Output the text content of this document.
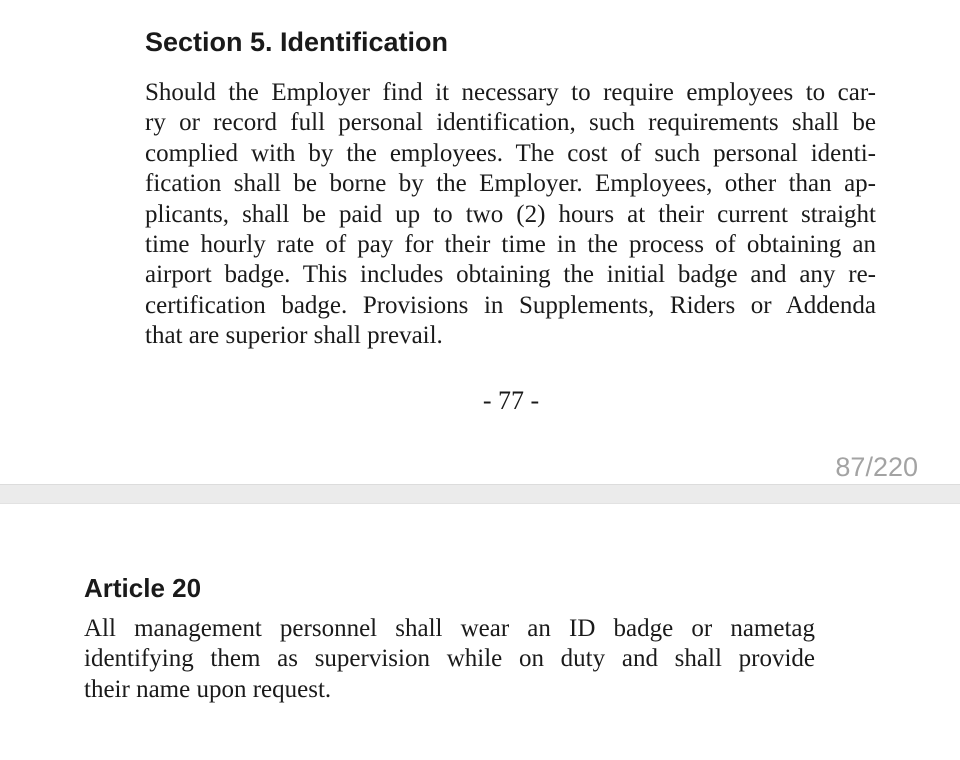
Section 5. Identification
Should the Employer find it necessary to require employees to car-
ry or record full personal identification, such requirements shall be
complied with by the employees. The cost of such personal identi-
fication shall be borne by the Employer. Employees, other than ap-
plicants, shall be paid up to two (2) hours at their current straight
time hourly rate of pay for their time in the process of obtaining an
airport badge. This includes obtaining the initial badge and any re-
certification badge. Provisions in Supplements, Riders or Addenda
that are superior shall prevail.
- 77 -
87/220
Article 20
All management personnel shall wear an ID badge or nametag
identifying them as supervision while on duty and shall provide
their name upon request.
